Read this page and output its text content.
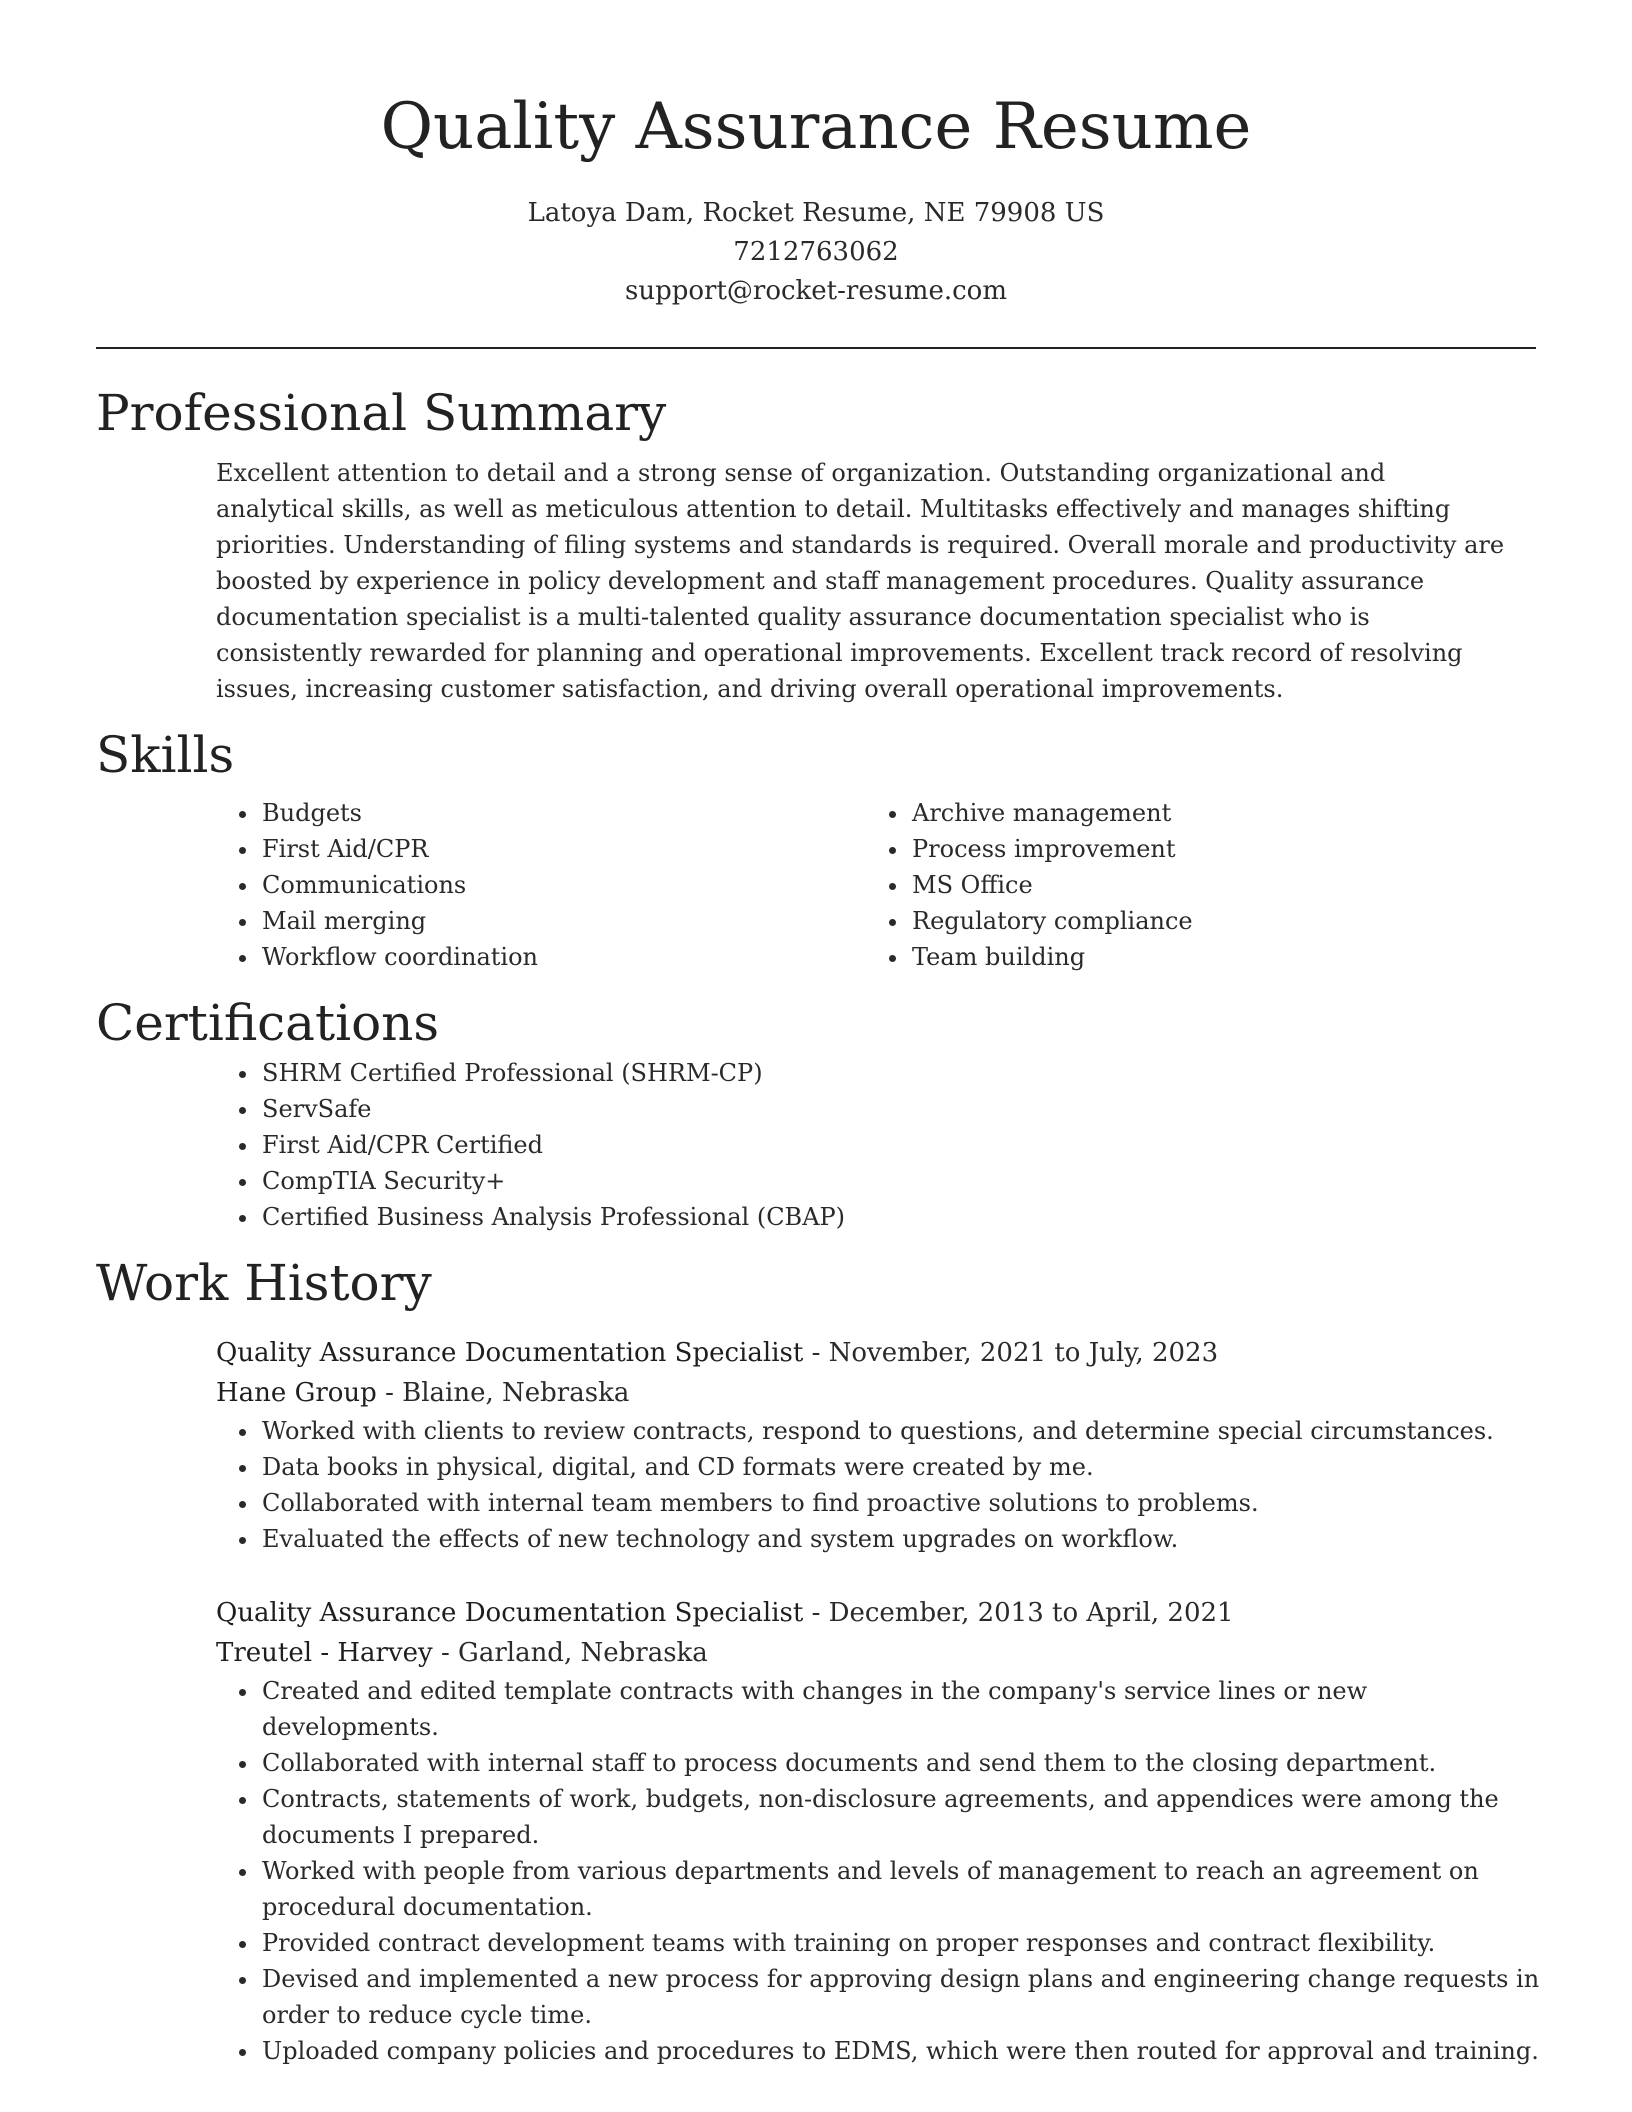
Quality Assurance Resume
Latoya Dam, Rocket Resume, NE 79908 US
7212763062
support@rocket-resume.com
Professional Summary

Excellent attention to detail and a strong sense of organization. Outstanding organizational and analytical skills, as well as meticulous attention to detail. Multitasks effectively and manages shifting priorities. Understanding of filing systems and standards is required. Overall morale and productivity are boosted by experience in policy development and staff management procedures. Quality assurance documentation specialist is a multi-talented quality assurance documentation specialist who is consistently rewarded for planning and operational improvements. Excellent track record of resolving issues, increasing customer satisfaction, and driving overall operational improvements.

Skills
• Budgets
• First Aid/CPR
• Communications
• Mail merging
• Workflow coordination
• Archive management
• Process improvement
• MS Office
• Regulatory compliance
• Team building
Certifications
• SHRM Certified Professional (SHRM-CP)
• ServSafe
• First Aid/CPR Certified
• CompTIA Security+
• Certified Business Analysis Professional (CBAP)
Work History
Quality Assurance Documentation Specialist - November, 2021 to July, 2023
Hane Group - Blaine, Nebraska
• Worked with clients to review contracts, respond to questions, and determine special circumstances.
• Data books in physical, digital, and CD formats were created by me.
• Collaborated with internal team members to find proactive solutions to problems.
• Evaluated the effects of new technology and system upgrades on workflow.
Quality Assurance Documentation Specialist - December, 2013 to April, 2021
Treutel - Harvey - Garland, Nebraska
• Created and edited template contracts with changes in the company's service lines or new developments.
• Collaborated with internal staff to process documents and send them to the closing department.
• Contracts, statements of work, budgets, non-disclosure agreements, and appendices were among the documents I prepared.
• Worked with people from various departments and levels of management to reach an agreement on procedural documentation.
• Provided contract development teams with training on proper responses and contract flexibility.
• Devised and implemented a new process for approving design plans and engineering change requests in order to reduce cycle time.
• Uploaded company policies and procedures to EDMS, which were then routed for approval and training.
